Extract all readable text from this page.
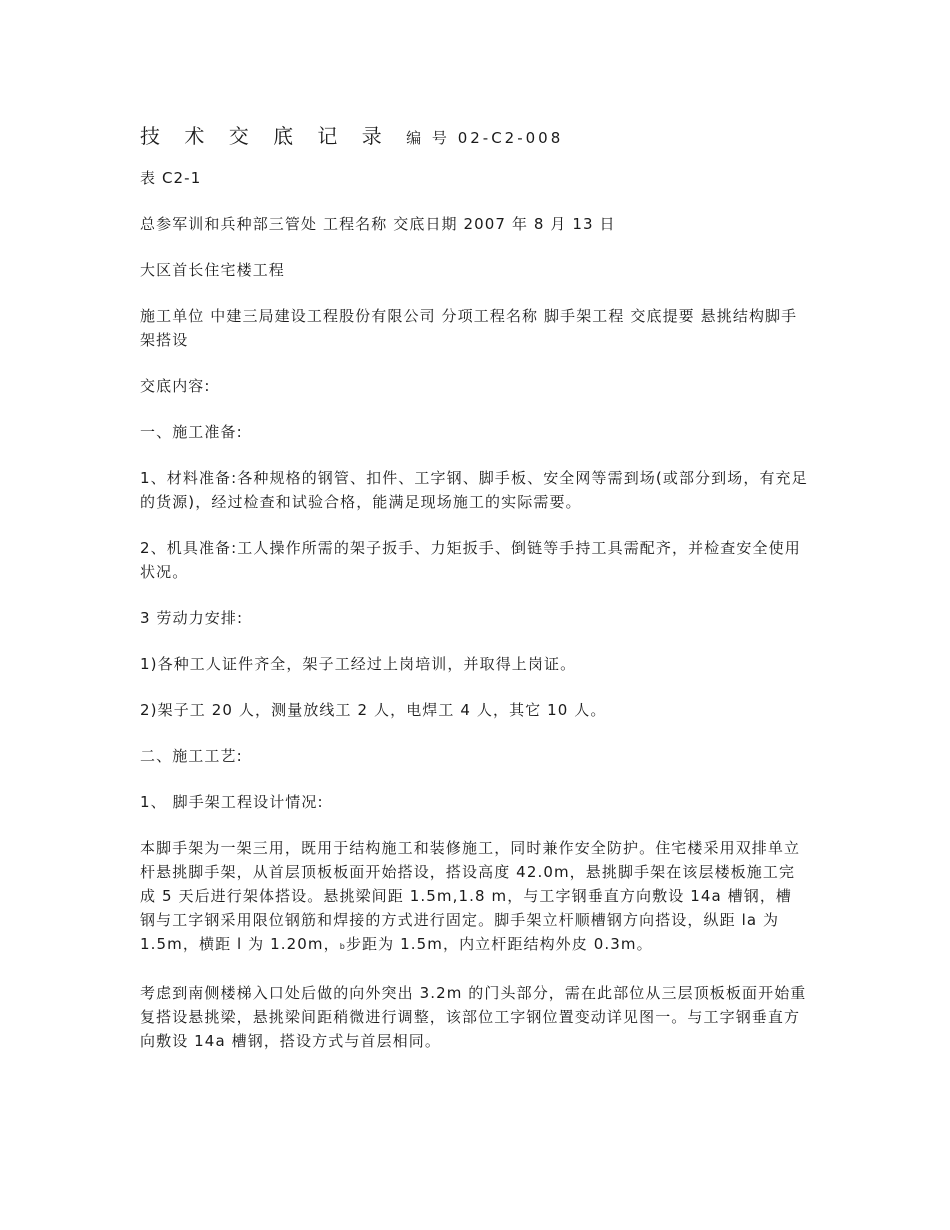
技 术 交 底 记 录 编 号 02-C2-008
表 C2-1
总参军训和兵种部三管处 工程名称 交底日期 2007 年 8 月 13 日
大区首长住宅楼工程
施工单位 中建三局建设工程股份有限公司 分项工程名称 脚手架工程 交底提要 悬挑结构脚手架搭设
交底内容:
一、施工准备:
1、材料准备:各种规格的钢管、扣件、工字钢、脚手板、安全网等需到场(或部分到场，有充足的货源)，经过检查和试验合格，能满足现场施工的实际需要。
2、机具准备:工人操作所需的架子扳手、力矩扳手、倒链等手持工具需配齐，并检查安全使用状况。
3 劳动力安排:
1)各种工人证件齐全，架子工经过上岗培训，并取得上岗证。
2)架子工 20 人，测量放线工 2 人，电焊工 4 人，其它 10 人。
二、施工工艺:
1、 脚手架工程设计情况:
本脚手架为一架三用，既用于结构施工和装修施工，同时兼作安全防护。住宅楼采用双排单立杆悬挑脚手架，从首层顶板板面开始搭设，搭设高度 42.0m，悬挑脚手架在该层楼板施工完成 5 天后进行架体搭设。悬挑梁间距 1.5m,1.8 m，与工字钢垂直方向敷设 14a 槽钢，槽钢与工字钢采用限位钢筋和焊接的方式进行固定。脚手架立杆顺槽钢方向搭设，纵距 la 为 1.5m，横距 l 为 1.20m，b步距为 1.5m，内立杆距结构外皮 0.3m。
考虑到南侧楼梯入口处后做的向外突出 3.2m 的门头部分，需在此部位从三层顶板板面开始重复搭设悬挑梁，悬挑梁间距稍微进行调整，该部位工字钢位置变动详见图一。与工字钢垂直方向敷设 14a 槽钢，搭设方式与首层相同。
